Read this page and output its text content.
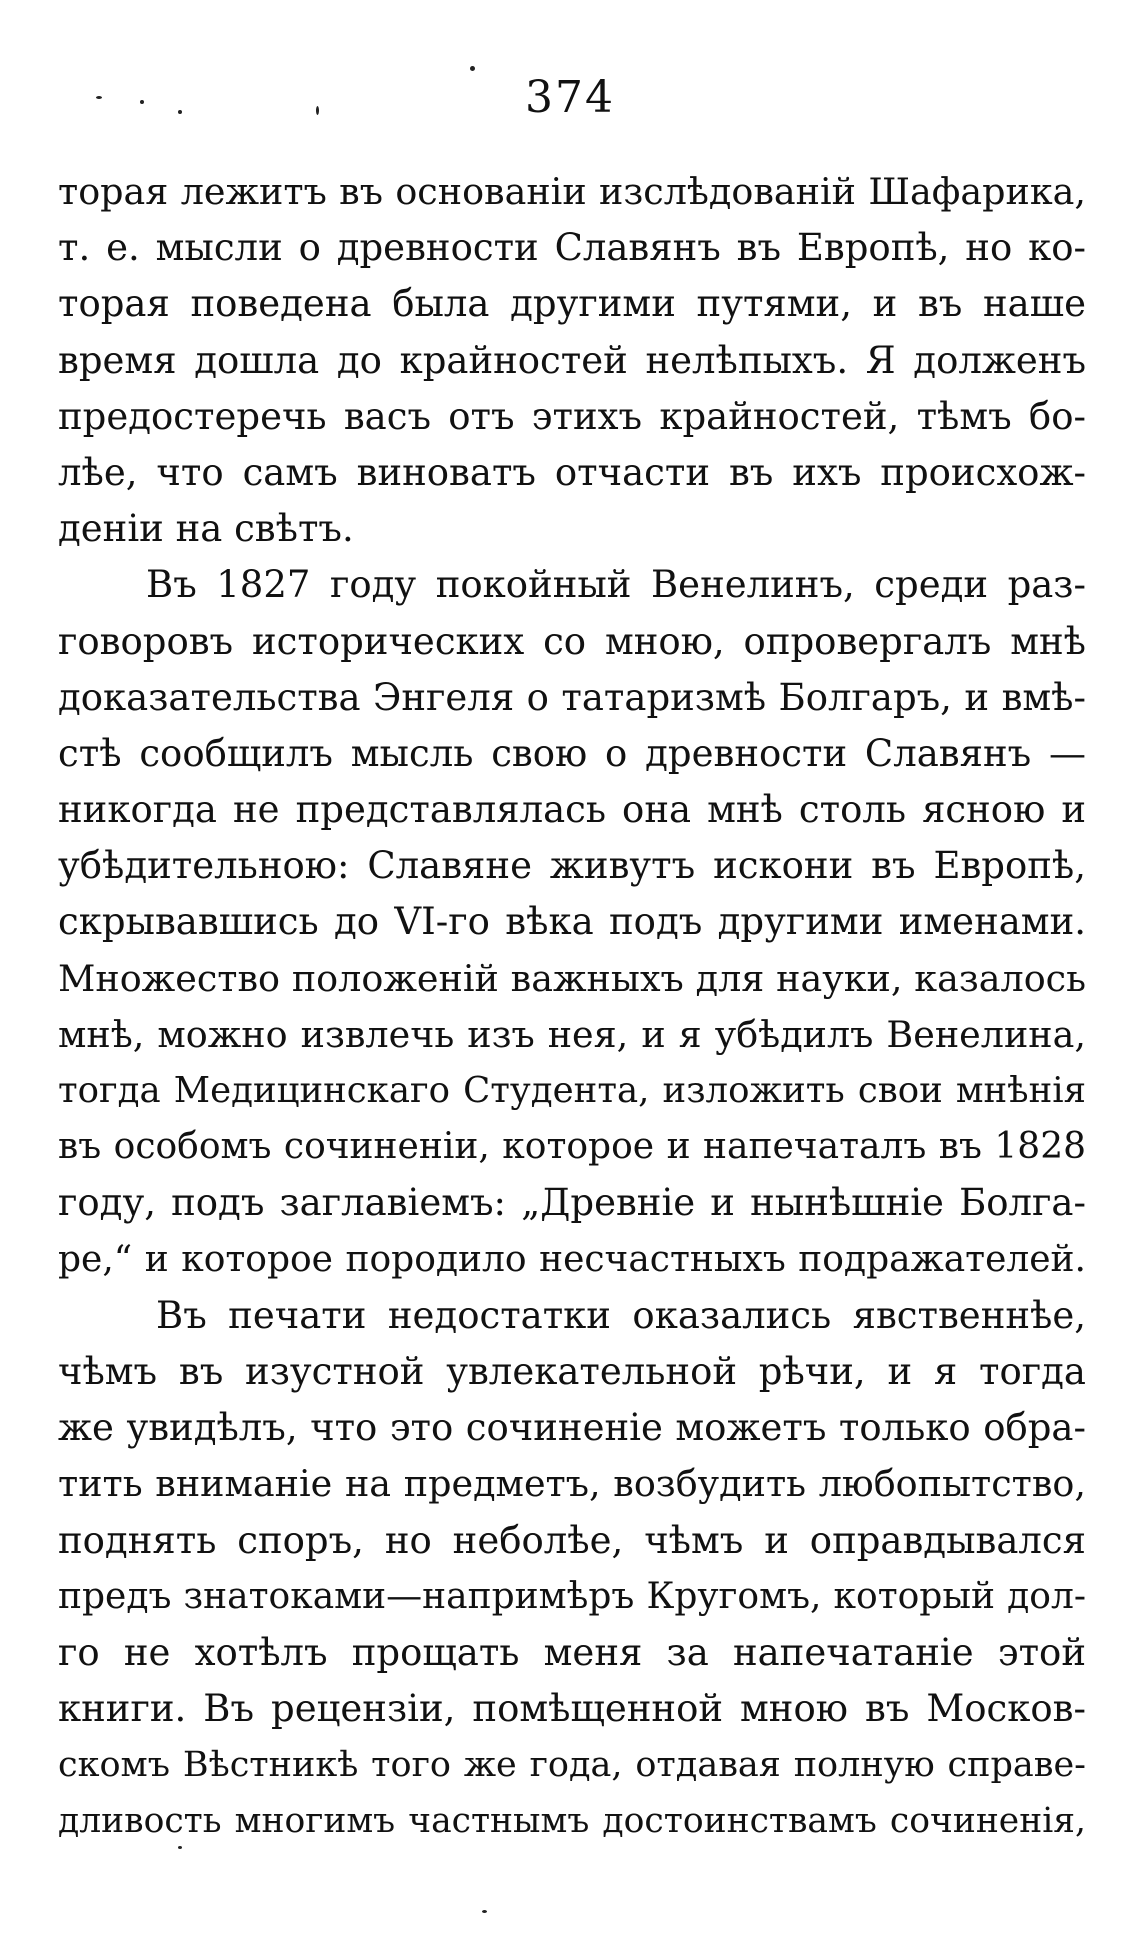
374
торая лежитъ въ основаніи изслѣдованій Шафарика,
т. е. мысли о древности Славянъ въ Европѣ, но ко-
торая поведена была другими путями, и въ наше
время дошла до крайностей нелѣпыхъ. Я долженъ
предостеречь васъ отъ этихъ крайностей, тѣмъ бо-
лѣе, что самъ виноватъ отчасти въ ихъ происхож-
деніи на свѣтъ.
Въ 1827 году покойный Венелинъ, среди раз-
говоровъ исторических со мною, опровергалъ мнѣ
доказательства Энгеля о татаризмѣ Болгаръ, и вмѣ-
стѣ сообщилъ мысль свою о древности Славянъ —
никогда не представлялась она мнѣ столь ясною и
убѣдительною: Славяне живутъ искони въ Европѣ,
скрывавшись до VI-го вѣка подъ другими именами.
Множество положеній важныхъ для науки, казалось
мнѣ, можно извлечь изъ нея, и я убѣдилъ Венелина,
тогда Медицинскаго Студента, изложить свои мнѣнія
въ особомъ сочиненіи, которое и напечаталъ въ 1828
году, подъ заглавіемъ: „Древніе и нынѣшніе Болга-
ре,“ и которое породило несчастныхъ подражателей.
Въ печати недостатки оказались явственнѣе,
чѣмъ въ изустной увлекательной рѣчи, и я тогда
же увидѣлъ, что это сочиненіе можетъ только обра-
тить вниманіе на предметъ, возбудить любопытство,
поднять споръ, но неболѣе, чѣмъ и оправдывался
предъ знатоками—напримѣръ Кругомъ, который дол-
го не хотѣлъ прощать меня за напечатаніе этой
книги. Въ рецензіи, помѣщенной мною въ Москов-
скомъ Вѣстникѣ того же года, отдавая полную справе-
дливость многимъ частнымъ достоинствамъ сочиненія,
